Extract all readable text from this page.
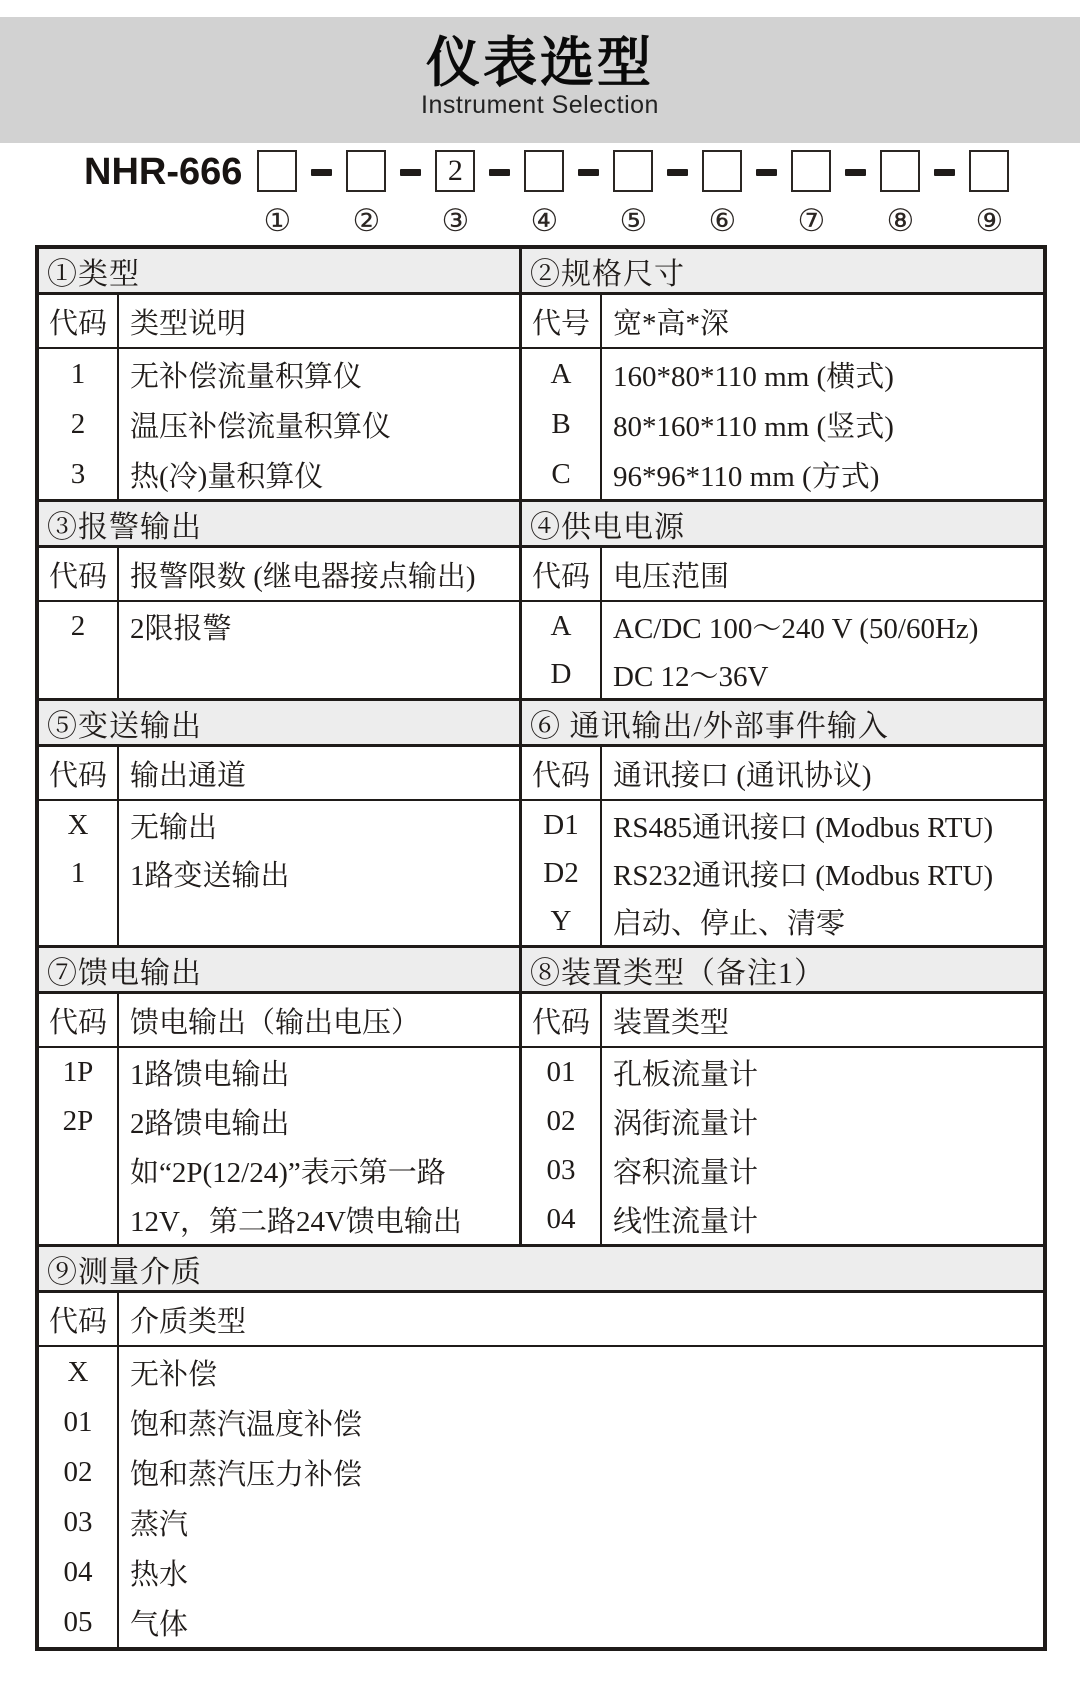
仪表选型
Instrument Selection
NHR-666
① ②
2
③ ④ ⑤ ⑥ ⑦ ⑧ ⑨
①类型
代码 类型说明
1
2
3
无补偿流量积算仪
温压补偿流量积算仪
热(冷)量积算仪
②规格尺寸
代号 宽*高*深
A
B
C
160*80*110 mm (横式)
80*160*110 mm (竖式)
96*96*110 mm (方式)
③报警输出
代码 报警限数 (继电器接点输出)
2	2限报警
④供电电源
代码 电压范围
A
D
AC/DC 100～240 V (50/60Hz)
DC 12～36V
⑤变送输出
代码 输出通道
X
1
无输出
1路变送输出
⑥ 通讯输出/外部事件输入
代码 通讯接口 (通讯协议)
D1
D2
Y
RS485通讯接口 (Modbus RTU)
RS232通讯接口 (Modbus RTU)
启动、停止、清零
⑦馈电输出
代码 馈电输出（输出电压）
1P
2P
1路馈电输出
2路馈电输出
如“2P(12/24)”表示第一路
12V，第二路24V馈电输出
⑧装置类型（备注1）
代码 装置类型
01
02
03
04
孔板流量计
涡街流量计
容积流量计
线性流量计
⑨测量介质
代码 介质类型
X
01
02
03
04
05
无补偿
饱和蒸汽温度补偿
饱和蒸汽压力补偿
蒸汽
热水
气体
